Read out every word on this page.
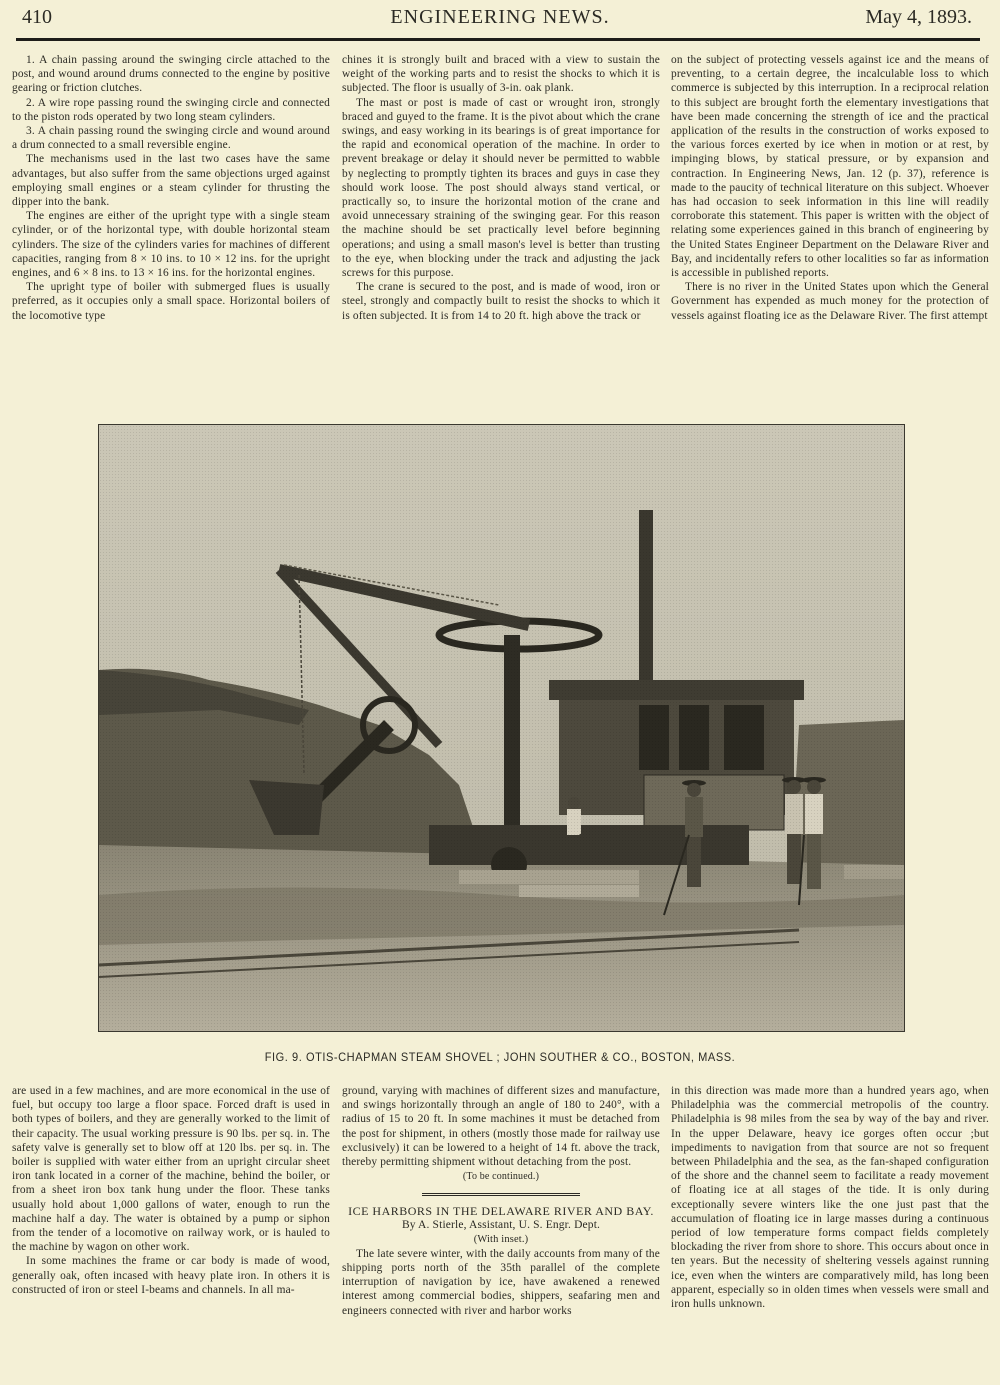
410	ENGINEERING NEWS.	May 4, 1893.

1. A chain passing around the swinging circle attached to the post, and wound around drums connected to the engine by positive gearing or friction clutches.

2. A wire rope passing round the swinging circle and connected to the piston rods operated by two long steam cylinders.

3. A chain passing round the swinging circle and wound around a drum connected to a small reversible engine.

The mechanisms used in the last two cases have the same advantages, but also suffer from the same objections urged against employing small engines or a steam cylinder for thrusting the dipper into the bank.

The engines are either of the upright type with a single steam cylinder, or of the horizontal type, with double horizontal steam cylinders. The size of the cylinders varies for machines of different capacities, ranging from 8 × 10 ins. to 10 × 12 ins. for the upright engines, and 6 × 8 ins. to 13 × 16 ins. for the horizontal engines.

The upright type of boiler with submerged flues is usually preferred, as it occupies only a small space. Horizontal boilers of the locomotive type

chines it is strongly built and braced with a view to sustain the weight of the working parts and to resist the shocks to which it is subjected. The floor is usually of 3-in. oak plank.

The mast or post is made of cast or wrought iron, strongly braced and guyed to the frame. It is the pivot about which the crane swings, and easy working in its bearings is of great importance for the rapid and economical operation of the machine. In order to prevent breakage or delay it should never be permitted to wabble by neglecting to promptly tighten its braces and guys in case they should work loose. The post should always stand vertical, or practically so, to insure the horizontal motion of the crane and avoid unnecessary straining of the swinging gear. For this reason the machine should be set practically level before beginning operations; and using a small mason's level is better than trusting to the eye, when blocking under the track and adjusting the jack screws for this purpose.

The crane is secured to the post, and is made of wood, iron or steel, strongly and compactly built to resist the shocks to which it is often subjected. It is from 14 to 20 ft. high above the track or

on the subject of protecting vessels against ice and the means of preventing, to a certain degree, the incalculable loss to which commerce is subjected by this interruption. In a reciprocal relation to this subject are brought forth the elementary investigations that have been made concerning the strength of ice and the practical application of the results in the construction of works exposed to the various forces exerted by ice when in motion or at rest, by impinging blows, by statical pressure, or by expansion and contraction. In Engineering News, Jan. 12 (p. 37), reference is made to the paucity of technical literature on this subject. Whoever has had occasion to seek information in this line will readily corroborate this statement. This paper is written with the object of relating some experiences gained in this branch of engineering by the United States Engineer Department on the Delaware River and Bay, and incidentally refers to other localities so far as information is accessible in published reports.

There is no river in the United States upon which the General Government has expended as much money for the protection of vessels against floating ice as the Delaware River. The first attempt

FIG. 9. OTIS-CHAPMAN STEAM SHOVEL ; JOHN SOUTHER & CO., BOSTON, MASS.

are used in a few machines, and are more economical in the use of fuel, but occupy too large a floor space. Forced draft is used in both types of boilers, and they are generally worked to the limit of their capacity. The usual working pressure is 90 lbs. per sq. in. The safety valve is generally set to blow off at 120 lbs. per sq. in. The boiler is supplied with water either from an upright circular sheet iron tank located in a corner of the machine, behind the boiler, or from a sheet iron box tank hung under the floor. These tanks usually hold about 1,000 gallons of water, enough to run the machine half a day. The water is obtained by a pump or siphon from the tender of a locomotive on railway work, or is hauled to the machine by wagon on other work.

In some machines the frame or car body is made of wood, generally oak, often incased with heavy plate iron. In others it is constructed of iron or steel I-beams and channels. In all ma-

ground, varying with machines of different sizes and manufacture, and swings horizontally through an angle of 180 to 240°, with a radius of 15 to 20 ft. In some machines it must be detached from the post for shipment, in others (mostly those made for railway use exclusively) it can be lowered to a height of 14 ft. above the track, thereby permitting shipment without detaching from the post.

(To be continued.)

ICE HARBORS IN THE DELAWARE RIVER AND BAY.

By A. Stierle, Assistant, U. S. Engr. Dept.

(With inset.)

The late severe winter, with the daily accounts from many of the shipping ports north of the 35th parallel of the complete interruption of navigation by ice, have awakened a renewed interest among commercial bodies, shippers, seafaring men and engineers connected with river and harbor works

in this direction was made more than a hundred years ago, when Philadelphia was the commercial metropolis of the country. Philadelphia is 98 miles from the sea by way of the bay and river. In the upper Delaware, heavy ice gorges often occur ;but impediments to navigation from that source are not so frequent between Philadelphia and the sea, as the fan-shaped configuration of the shore and the channel seem to facilitate a ready movement of floating ice at all stages of the tide. It is only during exceptionally severe winters like the one just past that the accumulation of floating ice in large masses during a continuous period of low temperature forms compact fields completely blockading the river from shore to shore. This occurs about once in ten years. But the necessity of sheltering vessels against running ice, even when the winters are comparatively mild, has long been apparent, especially so in olden times when vessels were small and iron hulls unknown.
